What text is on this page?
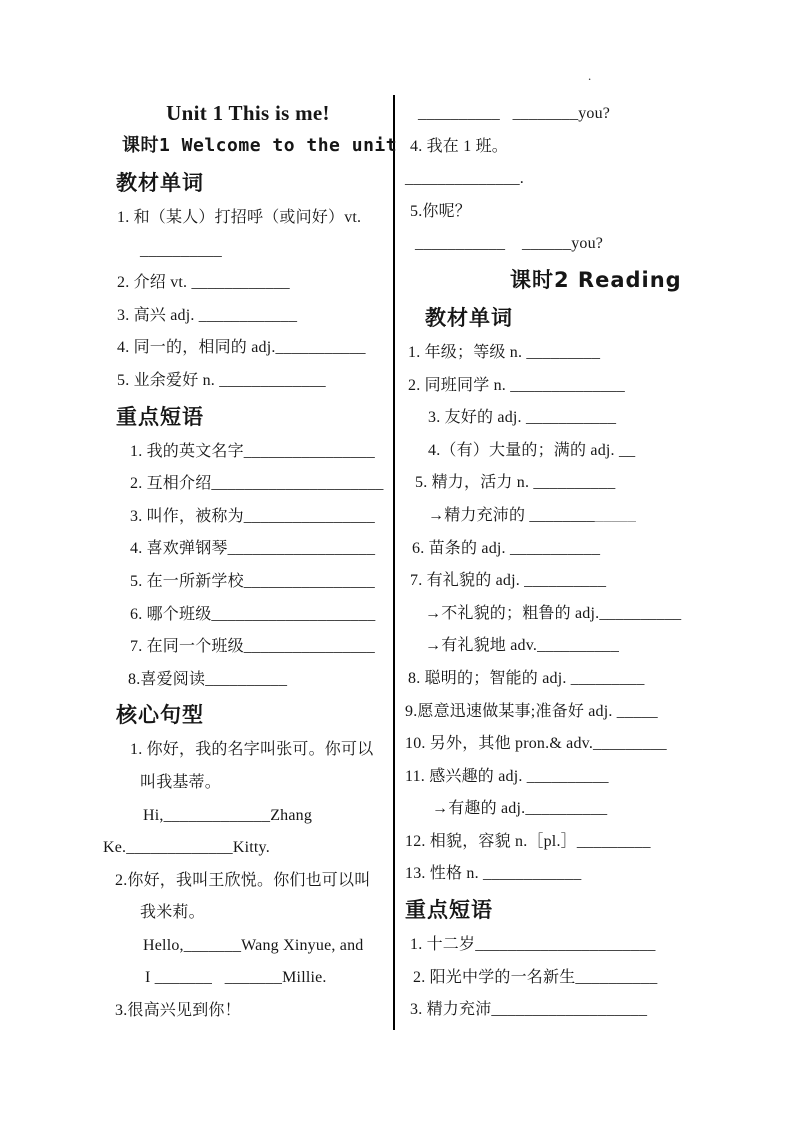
.
Unit 1 This is me!
课时1 Welcome to the unit
教材单词
1. 和（某人）打招呼（或问好）vt.
__________
2. 介绍 vt. ____________
3. 高兴 adj. ____________
4. 同一的，相同的 adj.___________
5. 业余爱好 n. _____________
重点短语
1. 我的英文名字________________
2. 互相介绍_____________________
3. 叫作，被称为________________
4. 喜欢弹钢琴__________________
5. 在一所新学校________________
6. 哪个班级____________________
7. 在同一个班级________________
8.喜爱阅读__________
核心句型
1. 你好，我的名字叫张可。你可以
叫我基蒂。
Hi,_____________Zhang
Ke._____________Kitty.
2.你好，我叫王欣悦。你们也可以叫
我米莉。
Hello,_______Wang Xinyue, and
I _______   _______Millie.
3.很高兴见到你！
__________   ________you?
4. 我在 1 班。
______________.
5.你呢？
___________    ______you?
课时2 Reading
教材单词
1. 年级；等级 n. _________
2. 同班同学 n. ______________
3. 友好的 adj. ___________
4.（有）大量的；满的 adj. __
5. 精力，活力 n. __________
→精力充沛的 _____________
6. 苗条的 adj. ___________
7. 有礼貌的 adj. __________
→不礼貌的；粗鲁的 adj.__________
→有礼貌地 adv.__________
8. 聪明的；智能的 adj. _________
9.愿意迅速做某事;准备好 adj. _____
10. 另外，其他 pron.& adv._________
11. 感兴趣的 adj. __________
→有趣的 adj.__________
12. 相貌，容貌 n.［pl.］_________
13. 性格 n. ____________
重点短语
1. 十二岁______________________
2. 阳光中学的一名新生__________
3. 精力充沛___________________
